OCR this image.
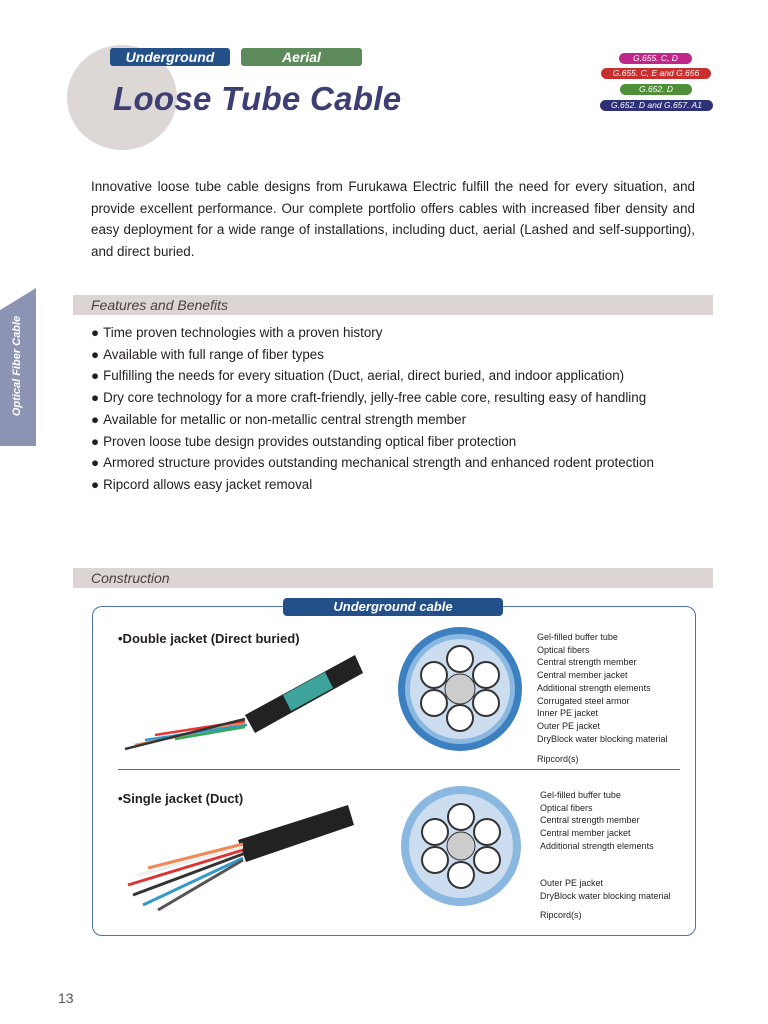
Underground	Aerial
Loose Tube Cable
G.655. C, D
G.655. C, E and G.656
G.652. D
G.652. D and G.657. A1
Innovative loose tube cable designs from Furukawa Electric fulfill the need for every situation, and provide excellent performance. Our complete portfolio offers cables with increased fiber density and easy deployment for a wide range of installations, including duct, aerial (Lashed and self-supporting), and direct buried.
Optical Fiber Cable
Features and Benefits
● Time proven technologies with a proven history
● Available with full range of fiber types
● Fulfilling the needs for every situation (Duct, aerial, direct buried, and indoor application)
● Dry core technology for a more craft-friendly, jelly-free cable core, resulting easy of handling
● Available for metallic or non-metallic central strength member
● Proven loose tube design provides outstanding optical fiber protection
● Armored structure provides outstanding mechanical strength and enhanced rodent protection
● Ripcord allows easy jacket removal
Construction
Underground cable
•Double jacket (Direct buried)
•Single jacket (Duct)
Gel-filled buffer tube
Optical fibers
Central strength member
Central member jacket
Additional strength elements
Corrugated steel armor
Inner PE jacket
Outer PE jacket
DryBlock water blocking material
Ripcord(s)
Gel-filled buffer tube
Optical fibers
Central strength member
Central member jacket
Additional strength elements
Outer PE jacket
DryBlock water blocking material
Ripcord(s)
13
